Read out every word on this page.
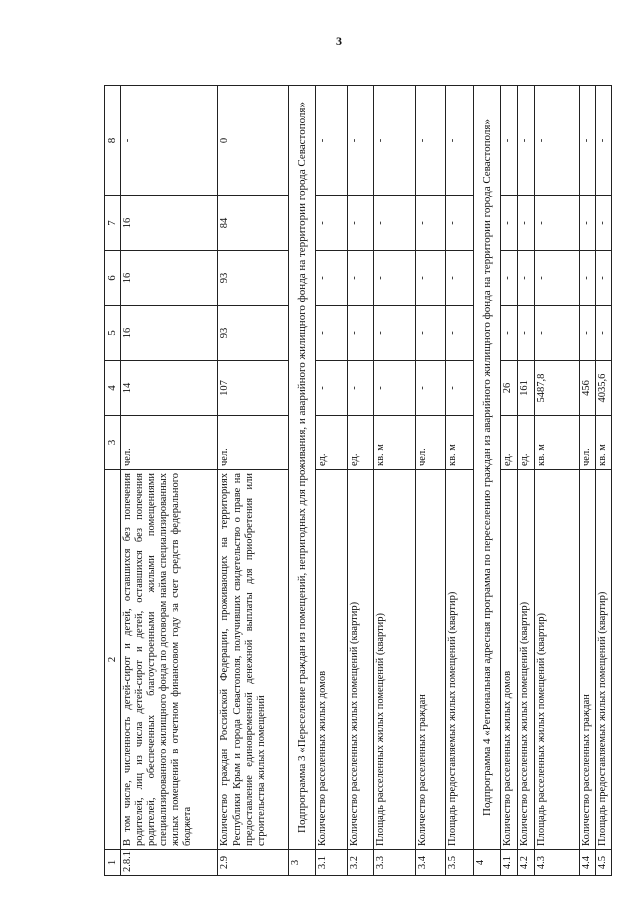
3
1	2	3	4	5	6	7	8
2.8.1	В том числе, численность детей-сирот и детей, оставшихся без попечения родителей, лиц из числа детей-сирот и детей, оставшихся без попечения родителей, обеспеченных благоустроенными жилыми помещениями специализированного жилищного фонда по договорам найма специализированных жилых помещений в отчетном финансовом году за счет средств федерального бюджета	чел.	14	16	16	16	-
2.9	Количество граждан Российской Федерации, проживающих на территориях Республики Крым и города Севастополя, получивших свидетельство о праве на предоставление единовременной денежной выплаты для приобретения или строительства жилых помещений	чел.	107	93	93	84	0
3	Подпрограмма 3 «Переселение граждан из помещений, непригодных для проживания, и аварийного жилищного фонда на территории города Севастополя»						
3.1	Количество расселенных жилых домов	ед.	-	-	-	-	-
3.2	Количество расселенных жилых помещений (квартир)	ед.	-	-	-	-	-
3.3	Площадь расселенных жилых помещений (квартир)	кв. м	-	-	-	-	-
3.4	Количество расселенных граждан	чел.	-	-	-	-	-
3.5	Площадь предоставляемых жилых помещений (квартир)	кв. м	-	-	-	-	-
4	Подпрограмма 4 «Региональная адресная программа по переселению граждан из аварийного жилищного фонда на территории города Севастополя»						
4.1	Количество расселенных жилых домов	ед.	26	-	-	-	-
4.2	Количество расселенных жилых помещений (квартир)	ед.	161	-	-	-	-
4.3	Площадь расселенных жилых помещений (квартир)	кв. м	5487,8	-	-	-	-
4.4	Количество расселенных граждан	чел.	456	-	-	-	-
4.5	Площадь предоставляемых жилых помещений (квартир)	кв. м	4035,6	-	-	-	-
